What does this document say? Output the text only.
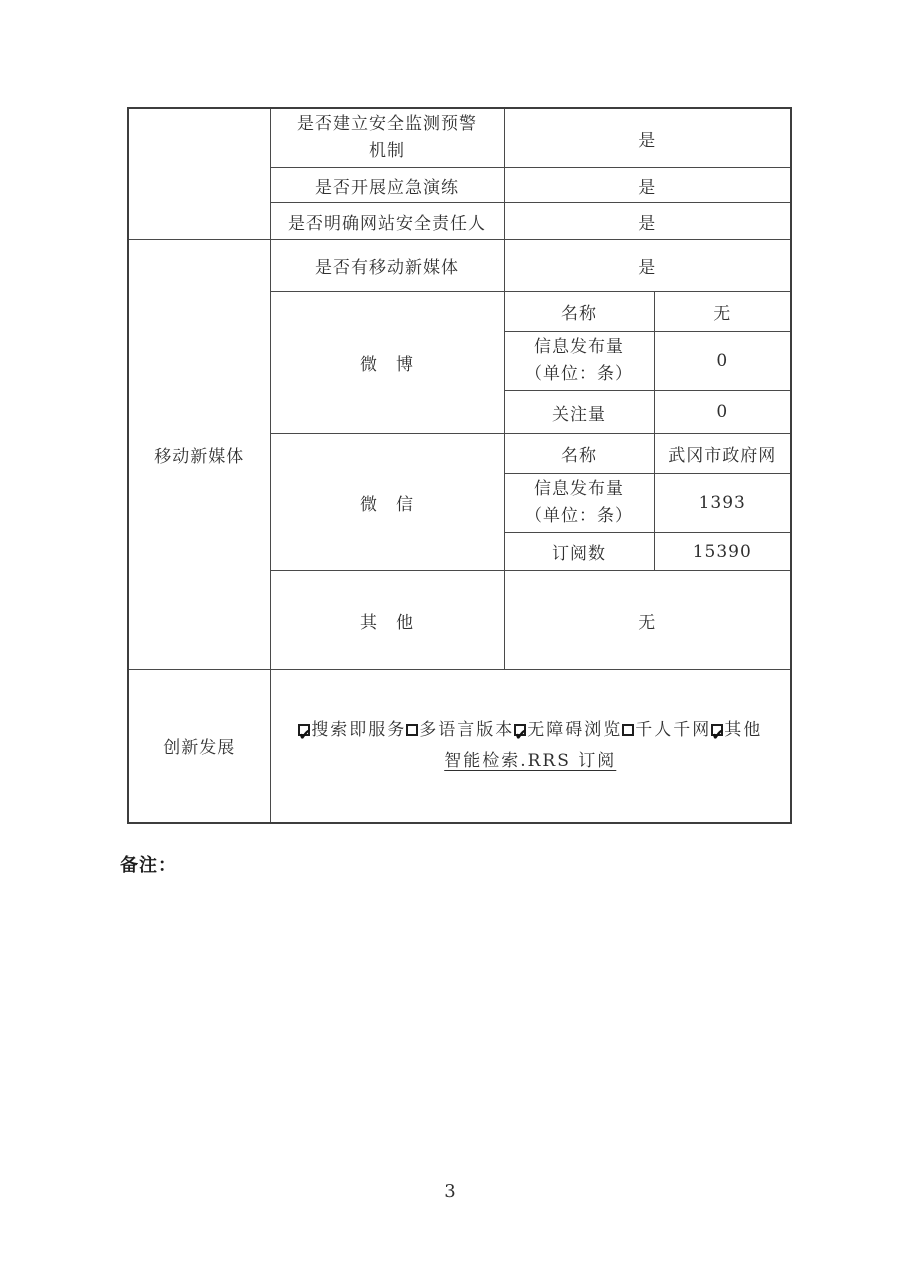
	是否建立安全监测预警机制	是	
	是否开展应急演练	是	
	是否明确网站安全责任人	是	
移动新媒体	是否有移动新媒体	是	
	微　博	名称	无

		信息发布量
（单位：条）	0
		关注量	0
	微　信	名称	武冈市政府网

		信息发布量
（单位：条）	1393
		订阅数	15390
	其　他	无	
创新发展	
✔搜索即服务 多语言版本 ✔ 无障碍浏览 千人千网 ✔ 其他
智能检索.RRS 订阅
备注：
3
